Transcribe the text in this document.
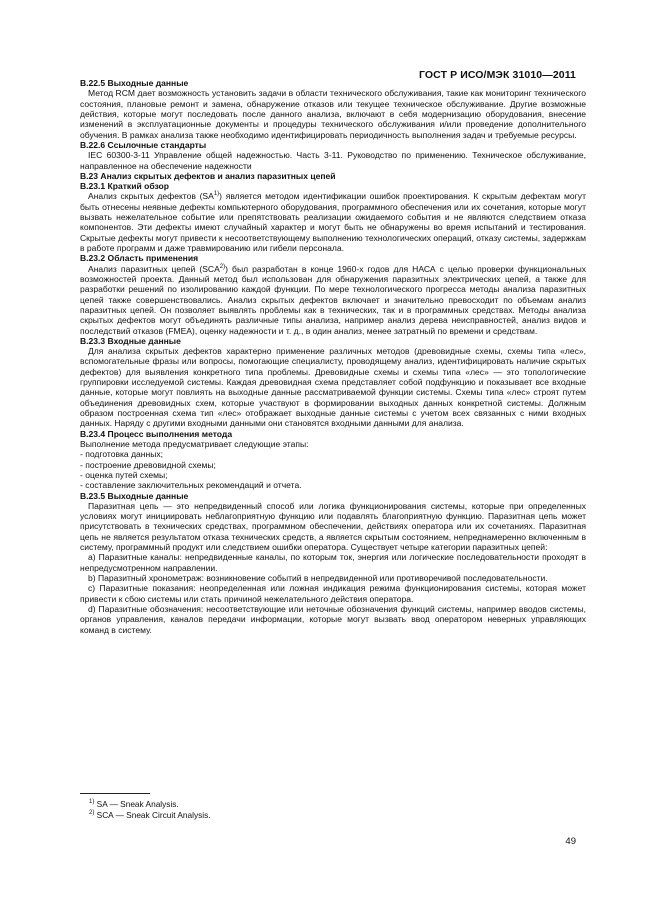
ГОСТ Р ИСО/МЭК 31010—2011

B.22.5 Выходные данные

Метод RCM дает возможность установить задачи в области технического обслуживания, такие как мониторинг технического состояния, плановые ремонт и замена, обнаружение отказов или текущее техническое обслуживание. Другие возможные действия, которые могут последовать после данного анализа, включают в себя модернизацию оборудования, внесение изменений в эксплуатационные документы и процедуры технического обслуживания и/или проведение дополнительного обучения. В рамках анализа также необходимо идентифицировать периодичность выполнения задач и требуемые ресурсы.

B.22.6 Ссылочные стандарты

IEC 60300-3-11 Управление общей надежностью. Часть 3-11. Руководство по применению. Техническое обслуживание, направленное на обеспечение надежности

B.23 Анализ скрытых дефектов и анализ паразитных цепей

B.23.1 Краткий обзор

Анализ скрытых дефектов (SA$^{1)}$) является методом идентификации ошибок проектирования. К скрытым дефектам могут быть отнесены неявные дефекты компьютерного оборудования, программного обеспечения или их сочетания, которые могут вызвать нежелательное событие или препятствовать реализации ожидаемого события и не являются следствием отказа компонентов. Эти дефекты имеют случайный характер и могут быть не обнаружены во время испытаний и тестирования. Скрытые дефекты могут привести к несоответствующему выполнению технологических операций, отказу системы, задержкам в работе программ и даже травмированию или гибели персонала.

B.23.2 Область применения

Анализ паразитных цепей (SCA$^{2)}$) был разработан в конце 1960-х годов для НАСА с целью проверки функциональных возможностей проекта. Данный метод был использован для обнаружения паразитных электрических цепей, а также для разработки решений по изолированию каждой функции. По мере технологического прогресса методы анализа паразитных цепей также совершенствовались. Анализ скрытых дефектов включает и значительно превосходит по объемам анализ паразитных цепей. Он позволяет выявлять проблемы как в технических, так и в программных средствах. Методы анализа скрытых дефектов могут объединять различные типы анализа, например анализ дерева неисправностей, анализ видов и последствий отказов (FMEA), оценку надежности и т. д., в один анализ, менее затратный по времени и средствам.

B.23.3 Входные данные

Для анализа скрытых дефектов характерно применение различных методов (древовидные схемы, схемы типа «лес», вспомогательные фразы или вопросы, помогающие специалисту, проводящему анализ, идентифицировать наличие скрытых дефектов) для выявления конкретного типа проблемы. Древовидные схемы и схемы типа «лес» — это топологические группировки исследуемой системы. Каждая древовидная схема представляет собой подфункцию и показывает все входные данные, которые могут повлиять на выходные данные рассматриваемой функции системы. Схемы типа «лес» строят путем объединения древовидных схем, которые участвуют в формировании выходных данных конкретной системы. Должным образом построенная схема тип «лес» отображает выходные данные системы с учетом всех связанных с ними входных данных. Наряду с другими входными данными они становятся входными данными для анализа.

B.23.4 Процесс выполнения метода

Выполнение метода предусматривает следующие этапы:

- подготовка данных;

- построение древовидной схемы;

- оценка путей схемы;

- составление заключительных рекомендаций и отчета.

B.23.5 Выходные данные

Паразитная цепь — это непредвиденный способ или логика функционирования системы, которые при определенных условиях могут инициировать неблагоприятную функцию или подавлять благоприятную функцию. Паразитная цепь может присутствовать в технических средствах, программном обеспечении, действиях оператора или их сочетаниях. Паразитная цепь не является результатом отказа технических средств, а является скрытым состоянием, непреднамеренно включенным в систему, программный продукт или следствием ошибки оператора. Существует четыре категории паразитных цепей:

a) Паразитные каналы: непредвиденные каналы, по которым ток, энергия или логические последовательности проходят в непредусмотренном направлении.

b) Паразитный хронометраж: возникновение событий в непредвиденной или противоречивой последовательности.

c) Паразитные показания: неопределенная или ложная индикация режима функционирования системы, которая может привести к сбою системы или стать причиной нежелательного действия оператора.

d) Паразитные обозначения: несоответствующие или неточные обозначения функций системы, например вводов системы, органов управления, каналов передачи информации, которые могут вызвать ввод оператором неверных управляющих команд в систему.

$^{1)}$ SA — Sneak Analysis.
$^{2)}$ SCA — Sneak Circuit Analysis.
49
